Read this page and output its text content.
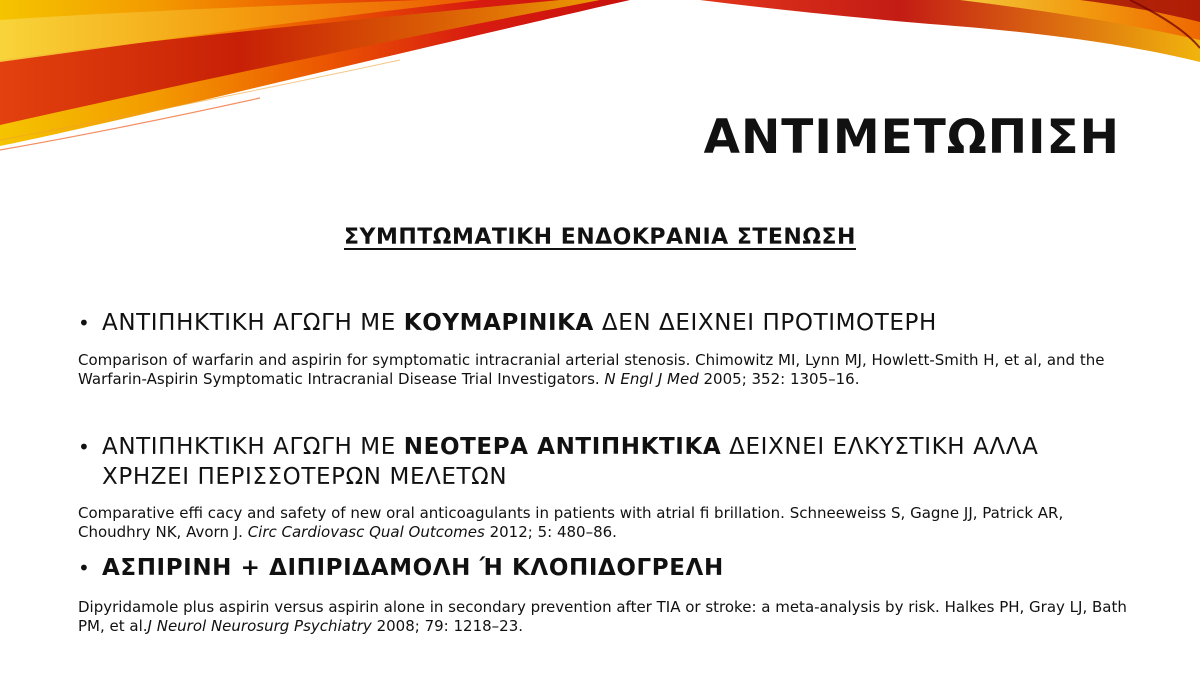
ΑΝΤΙΜΕΤΩΠΙΣΗ
ΣΥΜΠΤΩΜΑΤΙΚΗ ΕΝΔΟΚΡΑΝΙΑ ΣΤΕΝΩΣΗ
• ΑΝΤΙΠΗΚΤΙΚΗ ΑΓΩΓΗ ΜΕ ΚΟΥΜΑΡΙΝΙΚΑ ΔΕΝ ΔΕΙΧΝΕΙ ΠΡΟΤΙΜΟΤΕΡΗ
Comparison of warfarin and aspirin for symptomatic intracranial arterial stenosis. Chimowitz MI, Lynn MJ, Howlett-Smith H, et al, and the Warfarin-Aspirin Symptomatic Intracranial Disease Trial Investigators. N Engl J Med 2005; 352: 1305–16.
• ΑΝΤΙΠΗΚΤΙΚΗ ΑΓΩΓΗ ΜΕ ΝΕΟΤΕΡΑ ΑΝΤΙΠΗΚΤΙΚΑ ΔΕΙΧΝΕΙ ΕΛΚΥΣΤΙΚΗ ΑΛΛΑ ΧΡΗΖΕΙ ΠΕΡΙΣΣΟΤΕΡΩΝ ΜΕΛΕΤΩΝ
Comparative effi cacy and safety of new oral anticoagulants in patients with atrial fi brillation. Schneeweiss S, Gagne JJ, Patrick AR, Choudhry NK, Avorn J. Circ Cardiovasc Qual Outcomes 2012; 5: 480–86.
• ΑΣΠΙΡΙΝΗ + ΔΙΠΙΡΙΔΑΜΟΛΗ Ή ΚΛΟΠΙΔΟΓΡΕΛΗ
Dipyridamole plus aspirin versus aspirin alone in secondary prevention after TIA or stroke: a meta-analysis by risk. Halkes PH, Gray LJ, Bath PM, et al.J Neurol Neurosurg Psychiatry 2008; 79: 1218–23.
